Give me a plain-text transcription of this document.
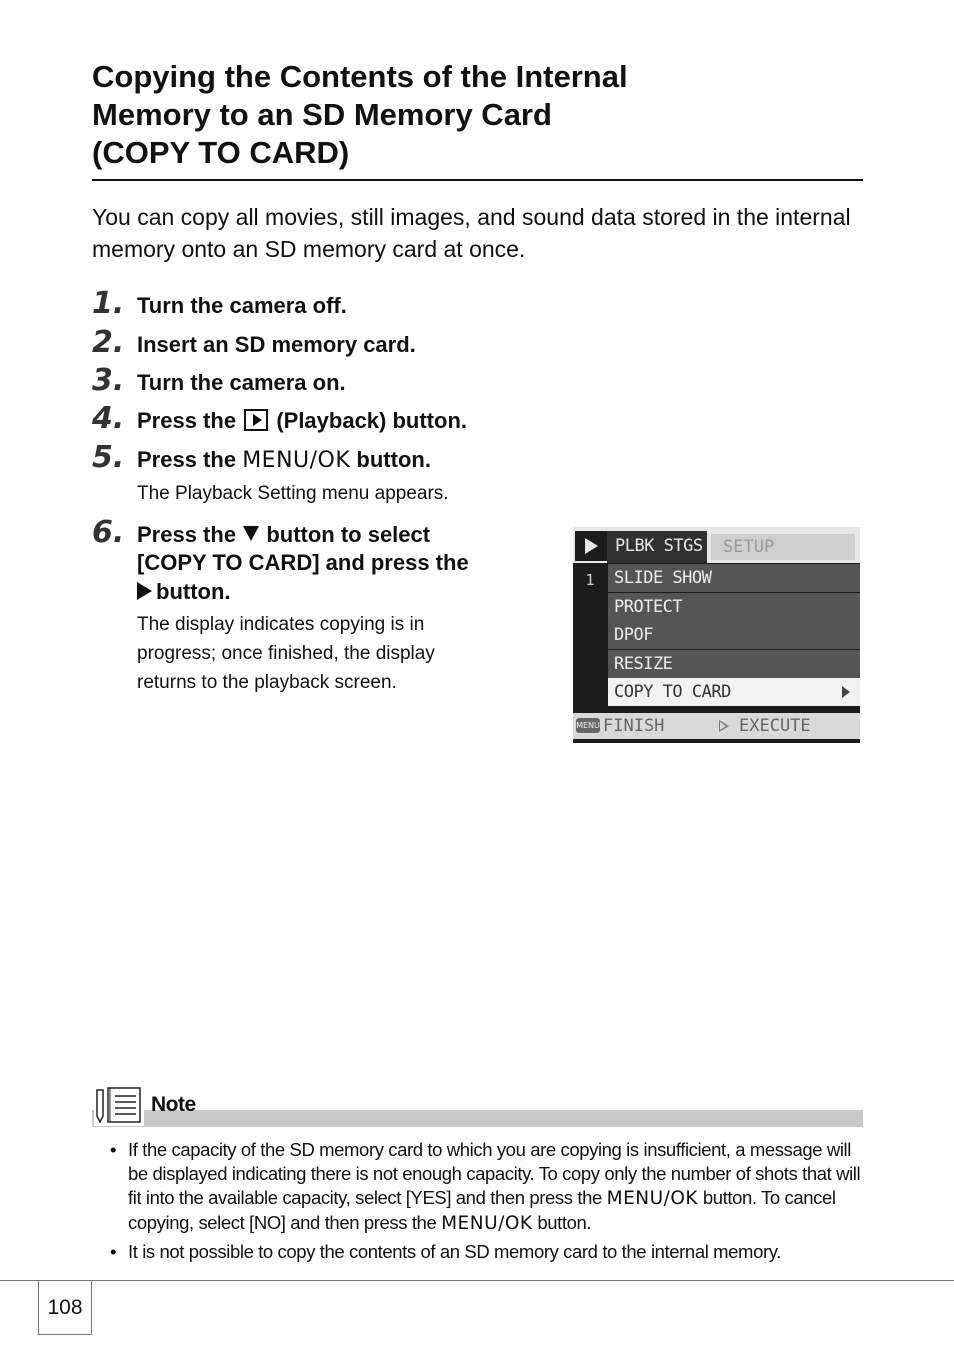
Copying the Contents of the Internal
Memory to an SD Memory Card
(COPY TO CARD)

You can copy all movies, still images, and sound data stored in the internal memory onto an SD memory card at once.

1. Turn the camera off.
2. Insert an SD memory card.
3. Turn the camera on.
4. Press the (Playback) button.
5. Press the MENU/OK button.
The Playback Setting menu appears.
6. Press the button to select
[COPY TO CARD] and press the
button.
The display indicates copying is in
progress; once finished, the display
returns to the playback screen.
PLBK STGS	SETUP
1	SLIDE SHOW
PROTECT
DPOF
RESIZE
COPY TO CARD
MENU FINISH	EXECUTE
Note
• If the capacity of the SD memory card to which you are copying is insufficient, a message will be displayed indicating there is not enough capacity. To copy only the number of shots that will fit into the available capacity, select [YES] and then press the MENU/OK button. To cancel copying, select [NO] and then press the MENU/OK button.
• It is not possible to copy the contents of an SD memory card to the internal memory.
108
